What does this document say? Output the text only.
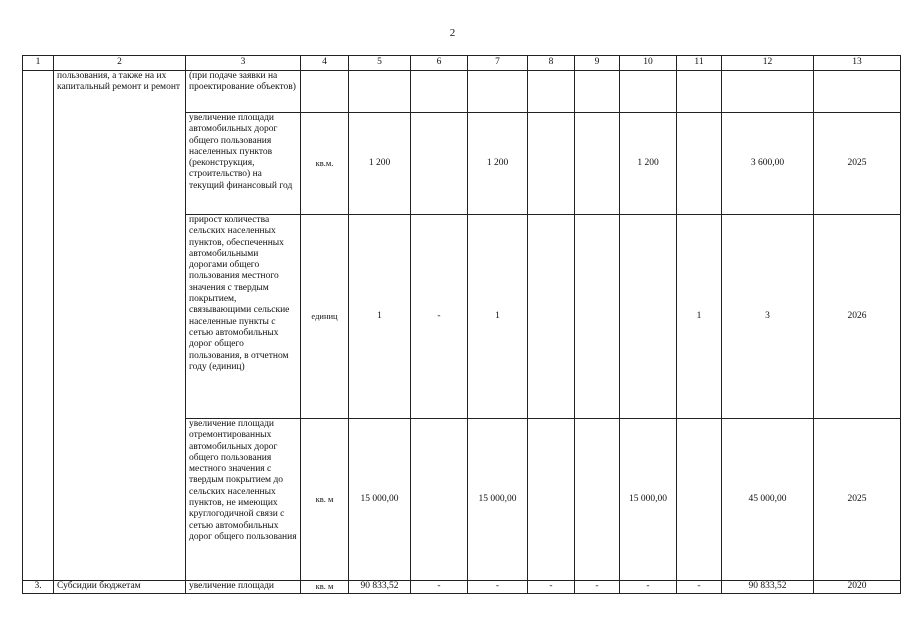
2
1	2	3	4	5	6	7	8	9	10	11	12	13
	пользования, а также на их капитальный ремонт и ремонт	(при подаче заявки на проектирование объектов)										
		увеличение площади автомобильных дорог общего пользования населенных пунктов (реконструкция, строительство) на текущий финансовый год	кв.м.	1 200		1 200			1 200		3 600,00	2025
		прирост количества сельских населенных пунктов, обеспеченных автомобильными дорогами общего пользования местного значения с твердым покрытием, связывающими сельские населенные пункты с сетью автомобильных дорог общего пользования, в отчетном году (единиц)	единиц	1	-	1				1	3	2026
		увеличение площади отремонтированных автомобильных дорог общего пользования местного значения с твердым покрытием до сельских населенных пунктов, не имеющих круглогодичной связи с сетью автомобильных дорог общего пользования	кв. м	15 000,00		15 000,00			15 000,00		45 000,00	2025
3.	Субсидии бюджетам	увеличение площади	кв. м	90 833,52	-	-	-	-	-	-	90 833,52	2020
